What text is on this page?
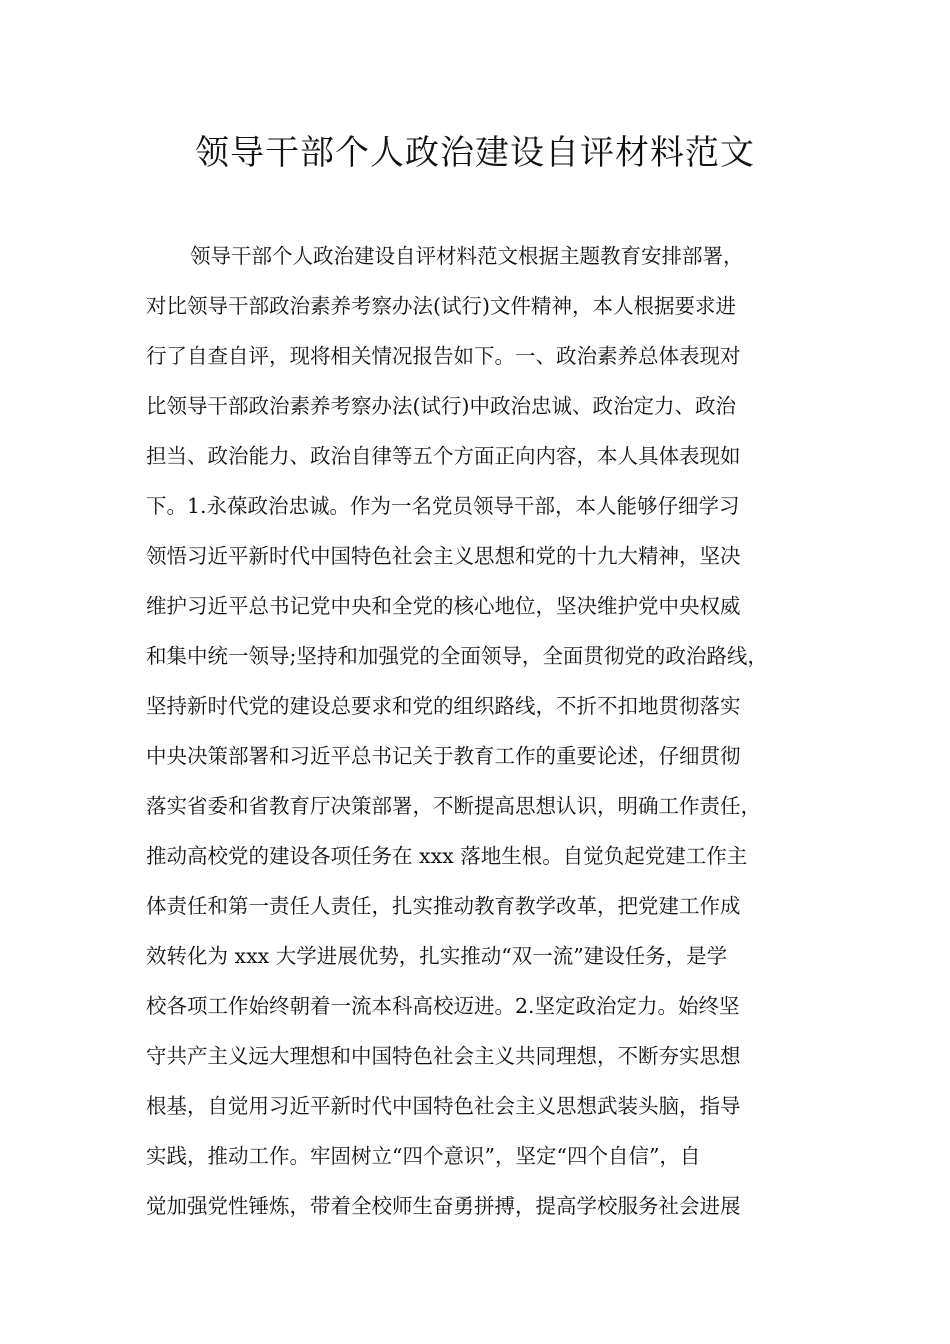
领导干部个人政治建设自评材料范文
领导干部个人政治建设自评材料范文根据主题教育安排部署，
对比领导干部政治素养考察办法(试行)文件精神，本人根据要求进
行了自查自评，现将相关情况报告如下。一、政治素养总体表现对
比领导干部政治素养考察办法(试行)中政治忠诚、政治定力、政治
担当、政治能力、政治自律等五个方面正向内容，本人具体表现如
下。1.永葆政治忠诚。作为一名党员领导干部，本人能够仔细学习
领悟习近平新时代中国特色社会主义思想和党的十九大精神，坚决
维护习近平总书记党中央和全党的核心地位，坚决维护党中央权威
和集中统一领导;坚持和加强党的全面领导，全面贯彻党的政治路线，
坚持新时代党的建设总要求和党的组织路线，不折不扣地贯彻落实
中央决策部署和习近平总书记关于教育工作的重要论述，仔细贯彻
落实省委和省教育厅决策部署，不断提高思想认识，明确工作责任，
推动高校党的建设各项任务在 xxx 落地生根。自觉负起党建工作主
体责任和第一责任人责任，扎实推动教育教学改革，把党建工作成
效转化为 xxx 大学进展优势，扎实推动“双一流”建设任务，是学
校各项工作始终朝着一流本科高校迈进。2.坚定政治定力。始终坚
守共产主义远大理想和中国特色社会主义共同理想，不断夯实思想
根基，自觉用习近平新时代中国特色社会主义思想武装头脑，指导
实践，推动工作。牢固树立“四个意识”，坚定“四个自信”，自
觉加强党性锤炼，带着全校师生奋勇拼搏，提高学校服务社会进展
